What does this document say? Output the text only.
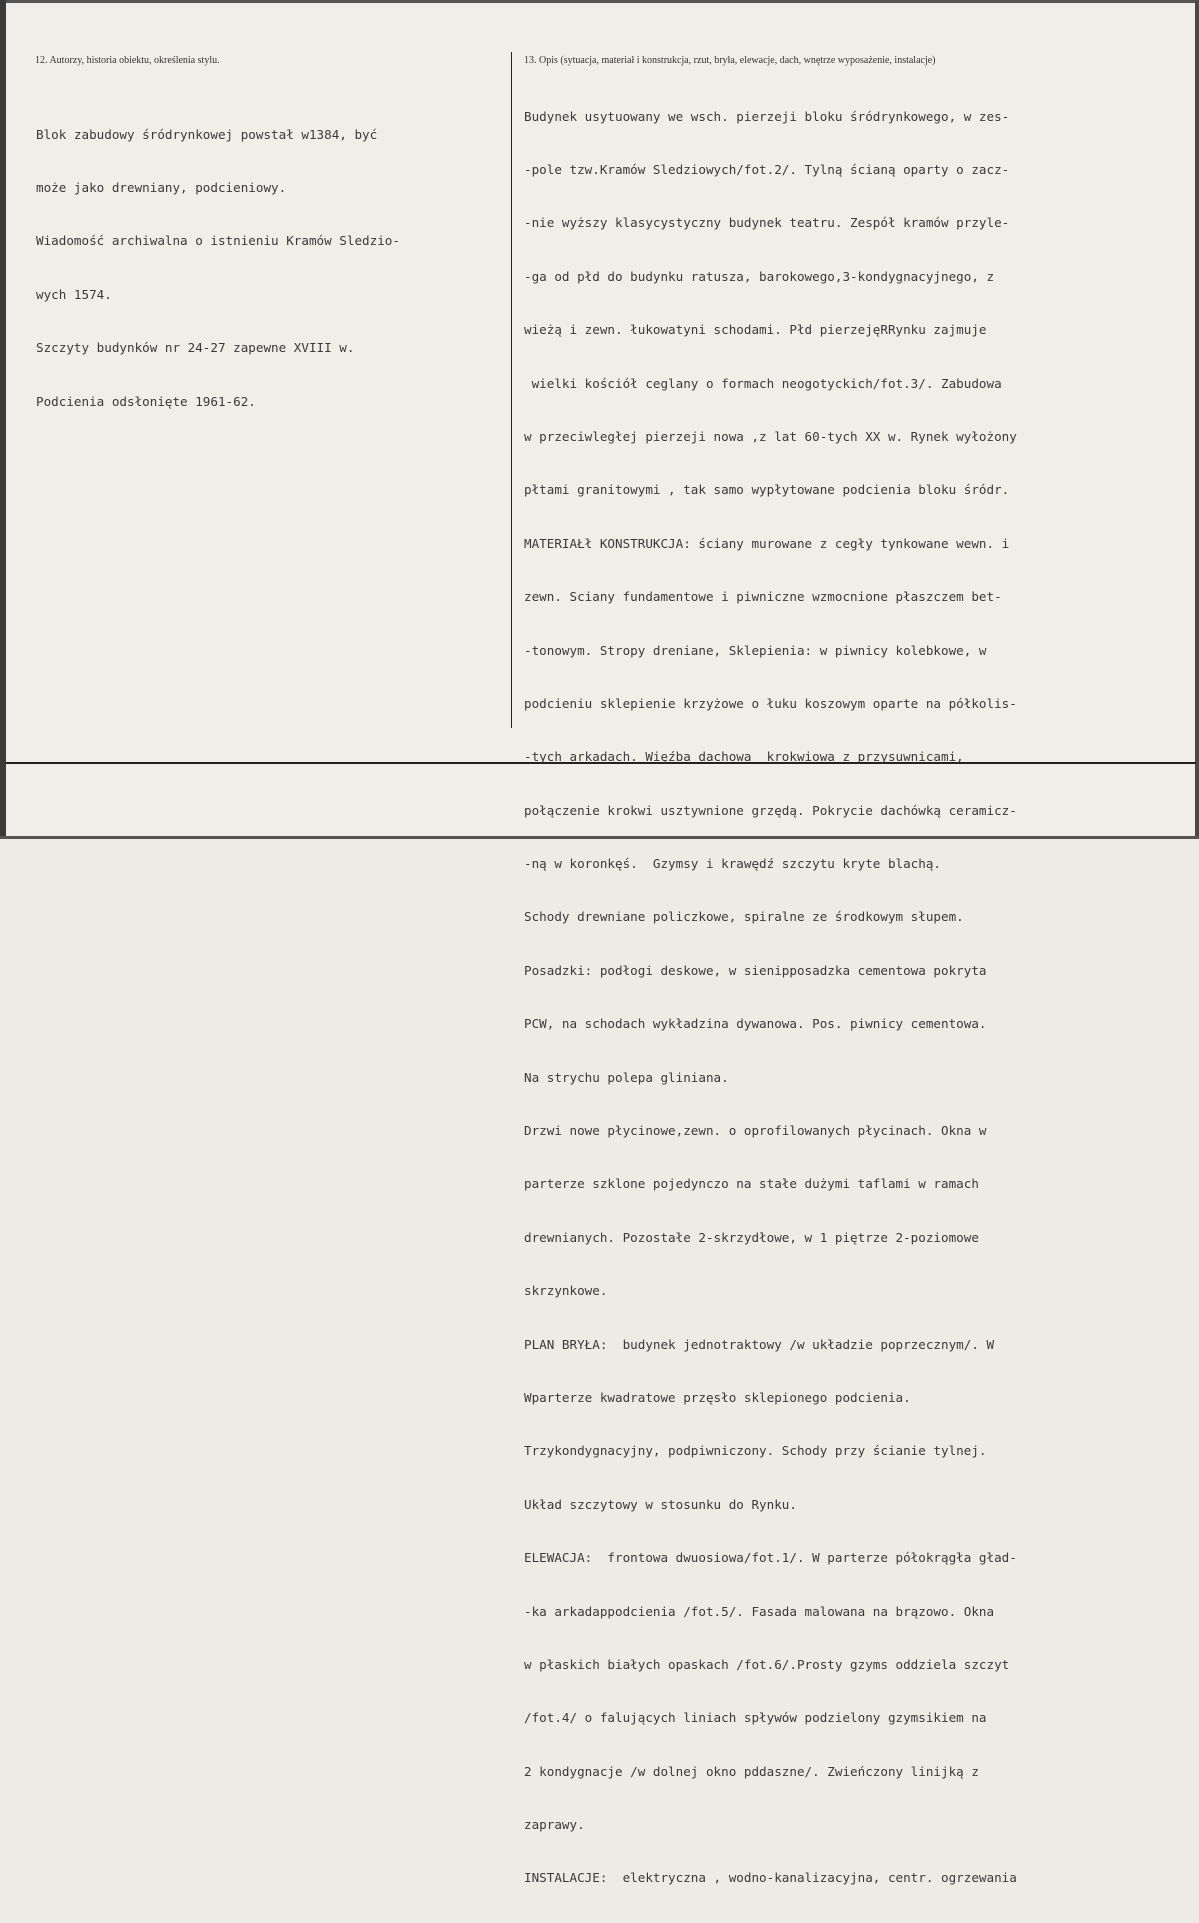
12. Autorzy, historia obiektu, określenia stylu.	13. Opis (sytuacja, materiał i konstrukcja, rzut, bryła, elewacje, dach, wnętrze wyposażenie, instalacje)

Blok zabudowy śródrynkowej powstał w1384, być

może jako drewniany, podcieniowy.

Wiadomość archiwalna o istnieniu Kramów Sledzio-

wych 1574.

Szczyty budynków nr 24-27 zapewne XVIII w.

Podcienia odsłonięte 1961-62.

Budynek usytuowany we wsch. pierzeji bloku śródrynkowego, w zes-

-pole tzw.Kramów Sledziowych/fot.2/. Tylną ścianą oparty o zacz-

-nie wyższy klasycystyczny budynek teatru. Zespół kramów przyle-

-ga od płd do budynku ratusza, barokowego,3-kondygnacyjnego, z

wieżą i zewn. łukowatyni schodami. Płd pierzejęRRynku zajmuje

wielki kościół ceglany o formach neogotyckich/fot.3/. Zabudowa

w przeciwległej pierzeji nowa ,z lat 60-tych XX w. Rynek wyłożony

płtami granitowymi , tak samo wypłytowane podcienia bloku śródr.

MATERIAŁł KONSTRUKCJA: ściany murowane z cegły tynkowane wewn. i

zewn. Sciany fundamentowe i piwniczne wzmocnione płaszczem bet-

-tonowym. Stropy dreniane, Sklepienia: w piwnicy kolebkowe, w

podcieniu sklepienie krzyżowe o łuku koszowym oparte na półkolis-

-tych arkadach. Więźba dachowa  krokwiowa z przysuwnicami,

połączenie krokwi usztywnione grzędą. Pokrycie dachówką ceramicz-

-ną w koronkęś.  Gzymsy i krawędź szczytu kryte blachą.

Schody drewniane policzkowe, spiralne ze środkowym słupem.

Posadzki: podłogi deskowe, w sienipposadzka cementowa pokryta

PCW, na schodach wykładzina dywanowa. Pos. piwnicy cementowa.

Na strychu polepa gliniana.

Drzwi nowe płycinowe,zewn. o oprofilowanych płycinach. Okna w

parterze szklone pojedynczo na stałe dużymi taflami w ramach

drewnianych. Pozostałe 2-skrzydłowe, w 1 piętrze 2-poziomowe

skrzynkowe.

PLAN BRYŁA:  budynek jednotraktowy /w układzie poprzecznym/. W

Wparterze kwadratowe przęsło sklepionego podcienia.

Trzykondygnacyjny, podpiwniczony. Schody przy ścianie tylnej.

Układ szczytowy w stosunku do Rynku.

ELEWACJA:  frontowa dwuosiowa/fot.1/. W parterze półokrągła gład-

-ka arkadappodcienia /fot.5/. Fasada malowana na brązowo. Okna

w płaskich białych opaskach /fot.6/.Prosty gzyms oddziela szczyt

/fot.4/ o falujących liniach spływów podzielony gzymsikiem na

2 kondygnacje /w dolnej okno pddaszne/. Zwieńczony linijką z

zaprawy.

INSTALACJE:  elektryczna , wodno-kanalizacyjna, centr. ogrzewania
